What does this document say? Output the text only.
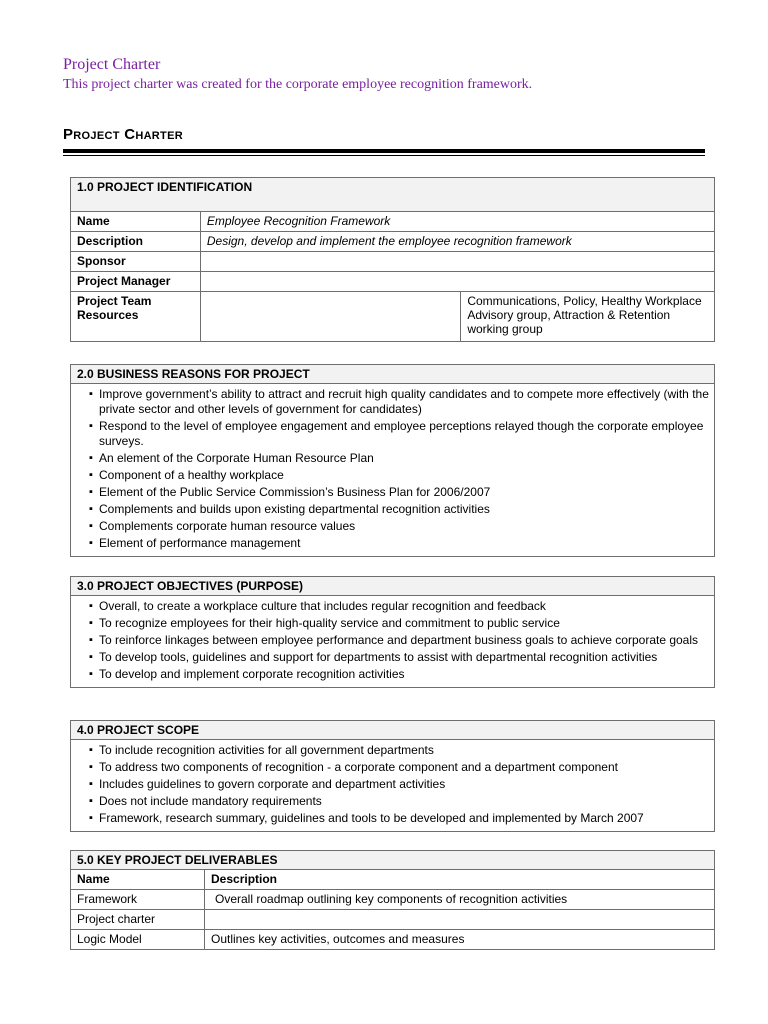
Project Charter
This project charter was created for the corporate employee recognition framework.
Project Charter
1.0 PROJECT IDENTIFICATION		
Name	Employee Recognition Framework	
Description	Design, develop and implement the employee recognition framework	
Sponsor		
Project Manager		
Project Team Resources		Communications, Policy, Healthy Workplace Advisory group, Attraction & Retention working group
2.0 BUSINESS REASONS FOR PROJECT

▪ Improve government’s ability to attract and recruit high quality candidates and to compete more effectively (with the private sector and other levels of government for candidates)
▪ Respond to the level of employee engagement and employee perceptions relayed though the corporate employee surveys.
▪ An element of the Corporate Human Resource Plan
▪ Component of a healthy workplace
▪ Element of the Public Service Commission’s Business Plan for 2006/2007
▪ Complements and builds upon existing departmental recognition activities
▪ Complements corporate human resource values
▪ Element of performance management
3.0 PROJECT OBJECTIVES (PURPOSE)

▪ Overall, to create a workplace culture that includes regular recognition and feedback
▪ To recognize employees for their high-quality service and commitment to public service
▪ To reinforce linkages between employee performance and department business goals to achieve corporate goals
▪ To develop tools, guidelines and support for departments to assist with departmental recognition activities
▪ To develop and implement corporate recognition activities
4.0 PROJECT SCOPE

▪ To include recognition activities for all government departments
▪ To address two components of recognition - a corporate component and a department component
▪ Includes guidelines to govern corporate and department activities
▪ Does not include mandatory requirements
▪ Framework, research summary, guidelines and tools to be developed and implemented by March 2007
5.0 KEY PROJECT DELIVERABLES	
Name	Description
Framework	Overall roadmap outlining key components of recognition activities
Project charter	
Logic Model	Outlines key activities, outcomes and measures
